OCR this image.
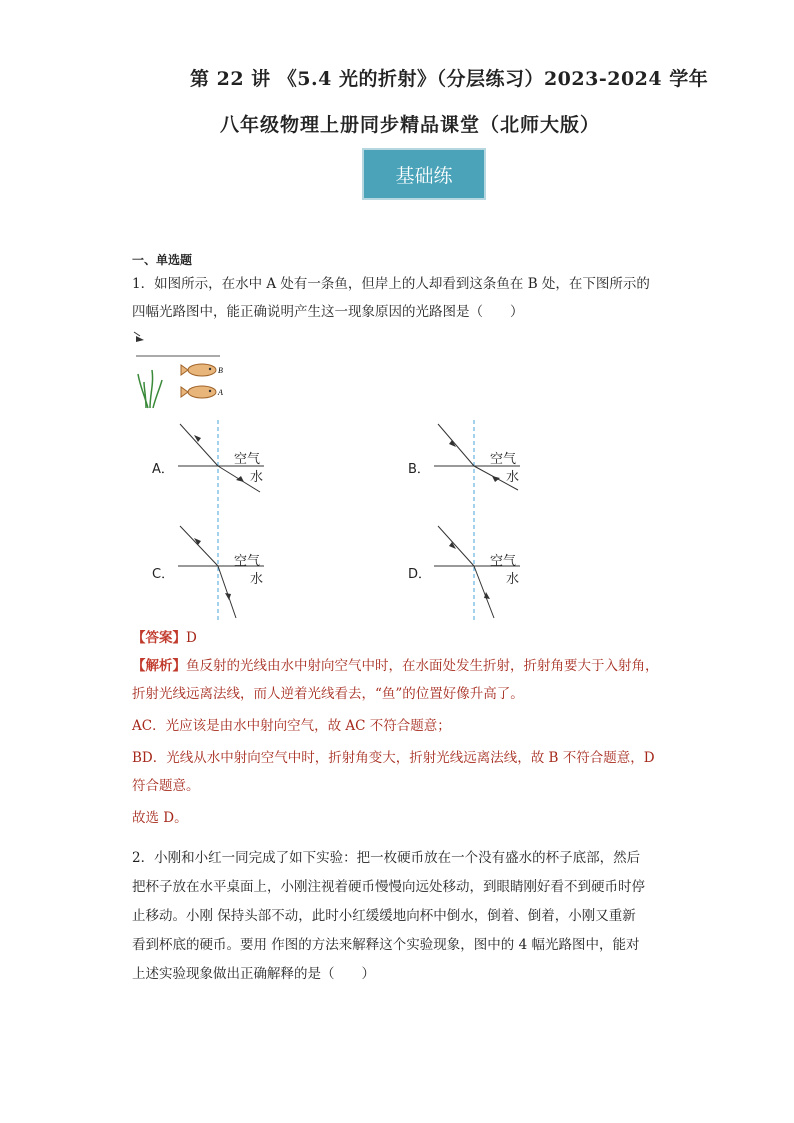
第 22 讲 《5.4 光的折射》（分层练习）2023-2024 学年
八年级物理上册同步精品课堂（北师大版）
基础练
一、单选题
1．如图所示，在水中 A 处有一条鱼，但岸上的人却看到这条鱼在 B 处，在下图所示的
四幅光路图中，能正确说明产生这一现象原因的光路图是（　　）
B
A
A．
空气
水
B．
空气
水
C．
空气
水	D．
空气
水
【答案】D
【解析】鱼反射的光线由水中射向空气中时，在水面处发生折射，折射角要大于入射角，
折射光线远离法线，而人逆着光线看去，“鱼”的位置好像升高了。
AC．光应该是由水中射向空气，故 AC 不符合题意；
BD．光线从水中射向空气中时，折射角变大，折射光线远离法线，故 B 不符合题意，D
符合题意。
故选 D。
2．小刚和小红一同完成了如下实验：把一枚硬币放在一个没有盛水的杯子底部，然后
把杯子放在水平桌面上，小刚注视着硬币慢慢向远处移动，到眼睛刚好看不到硬币时停
止移动。小刚 保持头部不动，此时小红缓缓地向杯中倒水，倒着、倒着，小刚又重新
看到杯底的硬币。要用 作图的方法来解释这个实验现象，图中的 4 幅光路图中，能对
上述实验现象做出正确解释的是（　　）
